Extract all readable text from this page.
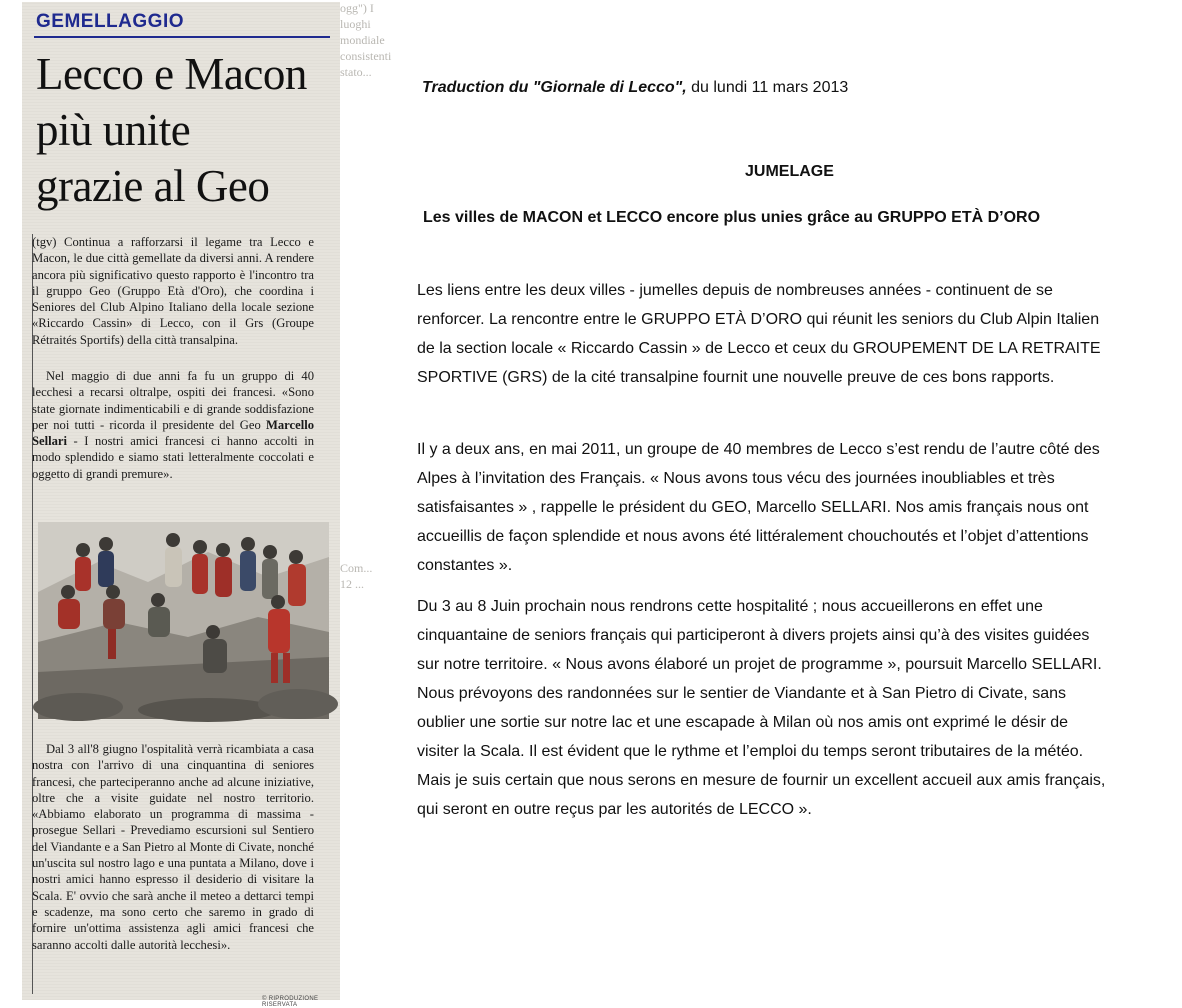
GEMELLAGGIO
Lecco e Macon
più unite
grazie al Geo

(tgv) Continua a rafforzarsi il legame tra Lecco e Macon, le due città gemellate da diversi anni. A rendere ancora più significativo questo rapporto è l'incontro tra il gruppo Geo (Gruppo Età d'Oro), che coordina i Seniores del Club Alpino Italiano della locale sezione «Riccardo Cassin» di Lecco, con il Grs (Groupe Rétraités Sportifs) della città transalpina.

Nel maggio di due anni fa fu un gruppo di 40 lecchesi a recarsi oltralpe, ospiti dei francesi. «Sono state giornate indimenticabili e di grande soddisfazione per noi tutti - ricorda il presidente del Geo Marcello Sellari - I nostri amici francesi ci hanno accolti in modo splendido e siamo stati letteralmente coccolati e oggetto di grandi premure».

Dal 3 all'8 giugno l'ospitalità verrà ricambiata a casa nostra con l'arrivo di una cinquantina di seniores francesi, che parteciperanno anche ad alcune iniziative, oltre che a visite guidate nel nostro territorio. «Abbiamo elaborato un programma di massima - prosegue Sellari - Prevediamo escursioni sul Sentiero del Viandante e a San Pietro al Monte di Civate, nonché un'uscita sul nostro lago e una puntata a Milano, dove i nostri amici hanno espresso il desiderio di visitare la Scala. E' ovvio che sarà anche il meteo a dettarci tempi e scadenze, ma sono certo che saremo in grado di fornire un'ottima assistenza agli amici francesi che saranno accolti dalle autorità lecchesi».

© RIPRODUZIONE RISERVATA
ogg") I luoghi mondiale consistenti stato...
Com... 12 ...
Traduction du "Giornale di Lecco", du lundi 11 mars 2013
JUMELAGE
Les villes de MACON et LECCO encore plus unies grâce au GRUPPO ETÀ D’ORO

Les liens entre les deux villes - jumelles depuis de nombreuses années - continuent de se renforcer. La rencontre entre le GRUPPO ETÀ D’ORO qui réunit les seniors du Club Alpin Italien de la section locale « Riccardo Cassin » de Lecco et ceux du GROUPEMENT DE LA RETRAITE SPORTIVE (GRS) de la cité transalpine fournit une nouvelle preuve de ces bons rapports.

Il y a deux ans, en mai 2011, un groupe de 40 membres de Lecco s’est rendu de l’autre côté des Alpes à l’invitation des Français. « Nous avons tous vécu des journées inoubliables et très satisfaisantes » , rappelle le président du GEO, Marcello SELLARI. Nos amis français nous ont accueillis de façon splendide et nous avons été littéralement chouchoutés et l’objet d’attentions constantes ».

Du 3 au 8 Juin prochain nous rendrons cette hospitalité ; nous accueillerons en effet une cinquantaine de seniors français qui participeront à divers projets ainsi qu’à des visites guidées sur notre territoire. « Nous avons élaboré un projet de programme », poursuit Marcello SELLARI. Nous prévoyons des randonnées sur le sentier de Viandante et à San Pietro di Civate, sans oublier une sortie sur notre lac et une escapade à Milan où nos amis ont exprimé le désir de visiter la Scala. Il est évident que le rythme et l’emploi du temps seront tributaires de la météo. Mais je suis certain que nous serons en mesure de fournir un excellent accueil aux amis français, qui seront en outre reçus par les autorités de LECCO ».
